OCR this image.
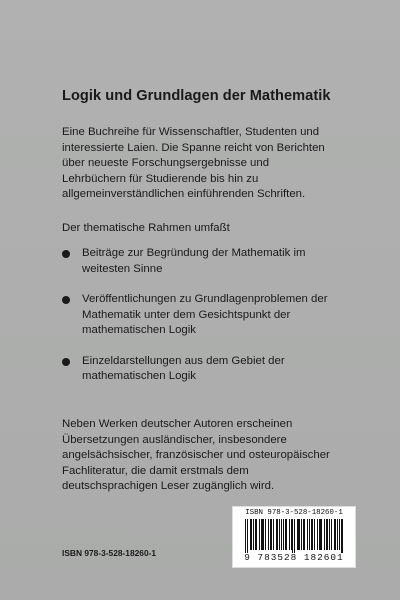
Logik und Grundlagen der Mathematik

Eine Buchreihe für Wissenschaftler, Studenten und
interessierte Laien. Die Spanne reicht von Berichten
über neueste Forschungsergebnisse und
Lehrbüchern für Studierende bis hin zu
allgemeinverständlichen einführenden Schriften.

Der thematische Rahmen umfaßt

Beiträge zur Begründung der Mathematik im
weitesten Sinne
Veröffentlichungen zu Grundlagenproblemen der
Mathematik unter dem Gesichtspunkt der
mathematischen Logik
Einzeldarstellungen aus dem Gebiet der
mathematischen Logik

Neben Werken deutscher Autoren erscheinen
Übersetzungen ausländischer, insbesondere
angelsächsischer, französischer und osteuropäischer
Fachliteratur, die damit erstmals dem
deutschsprachigen Leser zugänglich wird.

ISBN 978-3-528-18260-1

ISBN 978-3-528-18260-1
9 783528 182601
